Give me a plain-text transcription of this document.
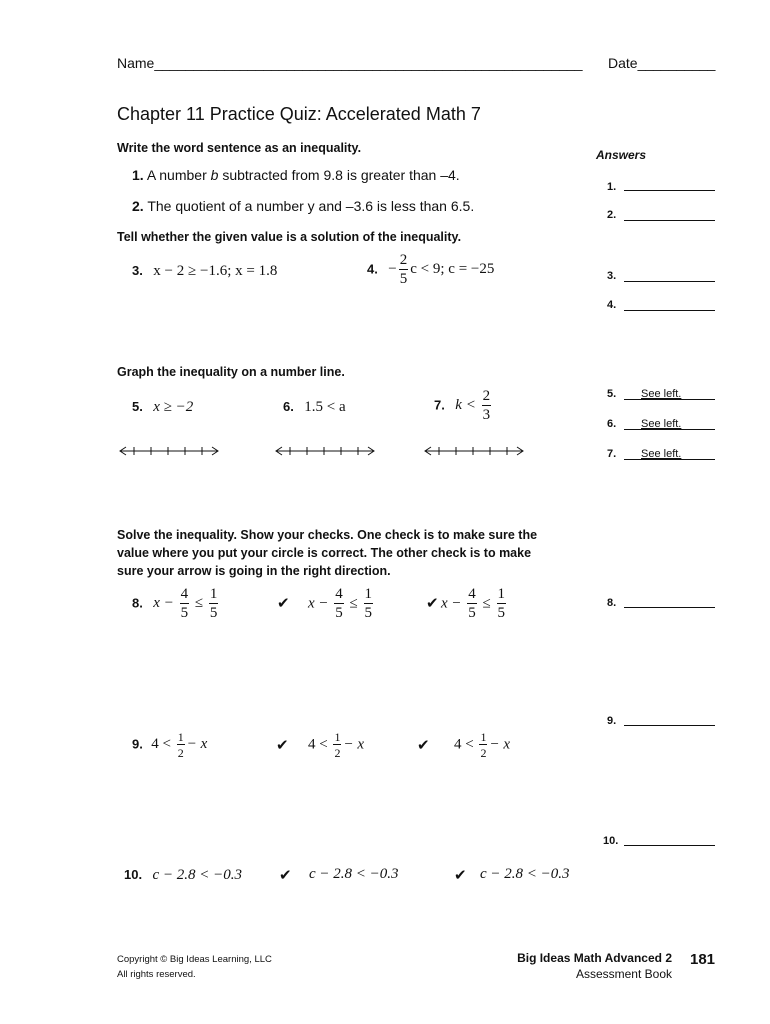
Name_______________________________________________________ Date__________
Chapter 11 Practice Quiz: Accelerated Math 7
Answers
Write the word sentence as an inequality.
1. A number b subtracted from 9.8 is greater than –4.
2. The quotient of a number y and –3.6 is less than 6.5.
Tell whether the given value is a solution of the inequality.
3. x − 2 ≥ −1.6; x = 1.8	4. − $\frac{2}{5}$ c < 9; c = −25
Graph the inequality on a number line.
5. x ≥ −2	6. 1.5 < a	7. $k < \frac{2}{3}$
Solve the inequality. Show your checks. One check is to make sure the
value where you put your circle is correct. The other check is to make
sure your arrow is going in the right direction.
8. $x - \frac{4}{5} \le \frac{1}{5}$	✔ $x - \frac{4}{5} \le \frac{1}{5}$	✔ $x - \frac{4}{5} \le \frac{1}{5}$
9. $4 < \frac{1}{2} - x$	✔ $4 < \frac{1}{2} - x$	✔ $4 < \frac{1}{2} - x$
10. c − 2.8 < −0.3 ✔ c − 2.8 < −0.3	✔ c − 2.8 < −0.3
1.
2.
3.
4.
5. See left.
6. See left.
7. See left.
8.
9.
10.
Copyright © Big Ideas Learning, LLC
All rights reserved.
Big Ideas Math Advanced 2
Assessment Book
181
